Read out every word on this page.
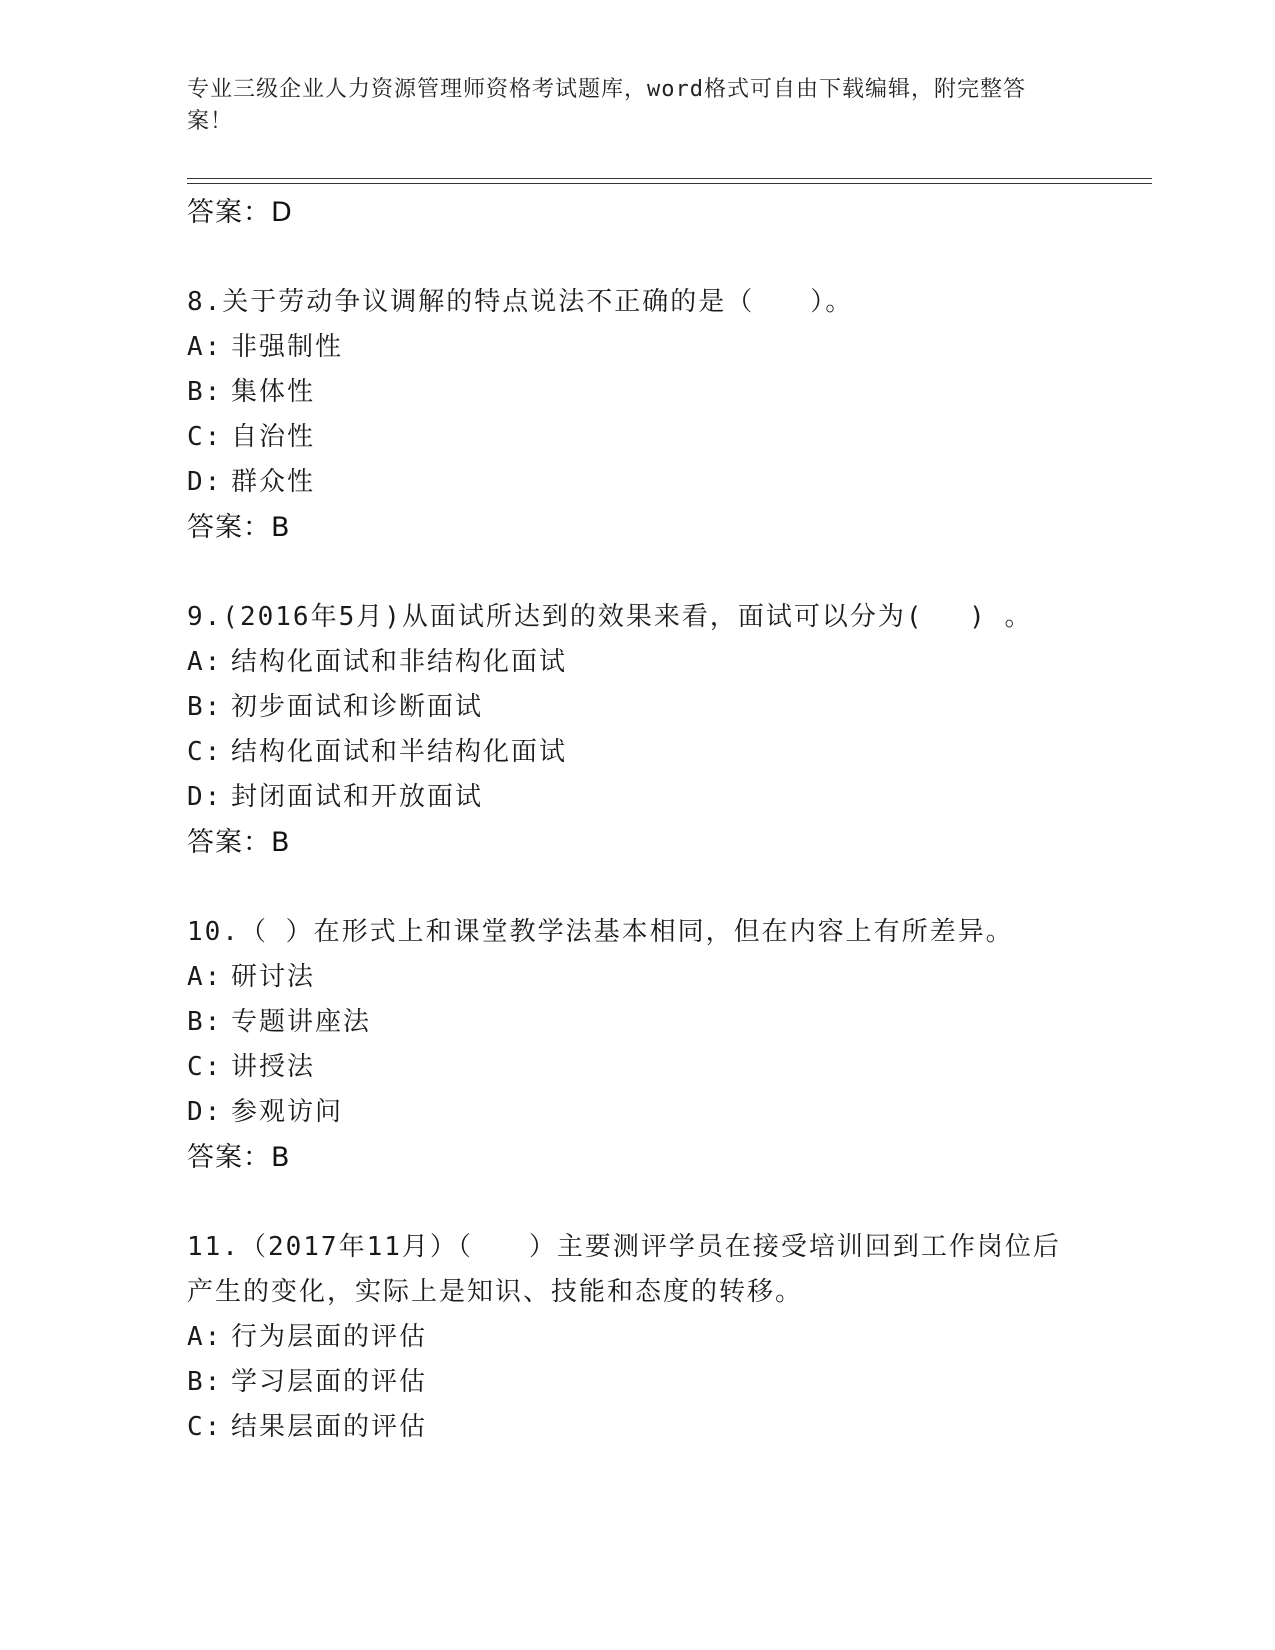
专业三级企业人力资源管理师资格考试题库，word格式可自由下载编辑，附完整答案！

答案：D

8.关于劳动争议调解的特点说法不正确的是（　　）。

A: 非强制性

B: 集体性

C: 自治性

D: 群众性

答案：B

9.(2016年5月)从面试所达到的效果来看，面试可以分为(　 ) 。

A: 结构化面试和非结构化面试

B: 初步面试和诊断面试

C: 结构化面试和半结构化面试

D: 封闭面试和开放面试

答案：B

10.（ ）在形式上和课堂教学法基本相同，但在内容上有所差异。

A: 研讨法

B: 专题讲座法

C: 讲授法

D: 参观访问

答案：B

11.（2017年11月）（　　）主要测评学员在接受培训回到工作岗位后产生的变化，实际上是知识、技能和态度的转移。

A: 行为层面的评估

B: 学习层面的评估

C: 结果层面的评估
